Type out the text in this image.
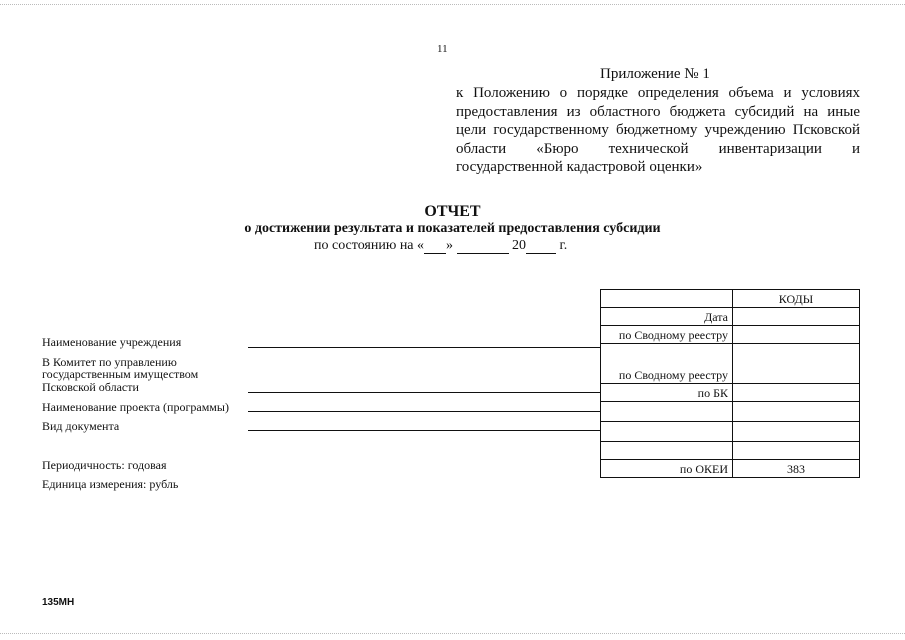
11
Приложение № 1
к Положению о порядке определения объема и условиях предоставления из областного бюджета субсидий на иные цели государственному бюджетному учреждению Псковской области «Бюро технической инвентаризации и государственной кадастровой оценки»
ОТЧЕТ
о достижении результата и показателей предоставления субсидии
по состоянию на « »	20 г.
Наименование учреждения
В Комитет по управлению
государственным имуществом
Псковской области
Наименование проекта (программы)
Вид документа
Периодичность: годовая
Единица измерения: рубль
	КОДЫ
Дата	
по Сводному реестру	
по Сводному реестру	
по БК	

по ОКЕИ	383
135МН
